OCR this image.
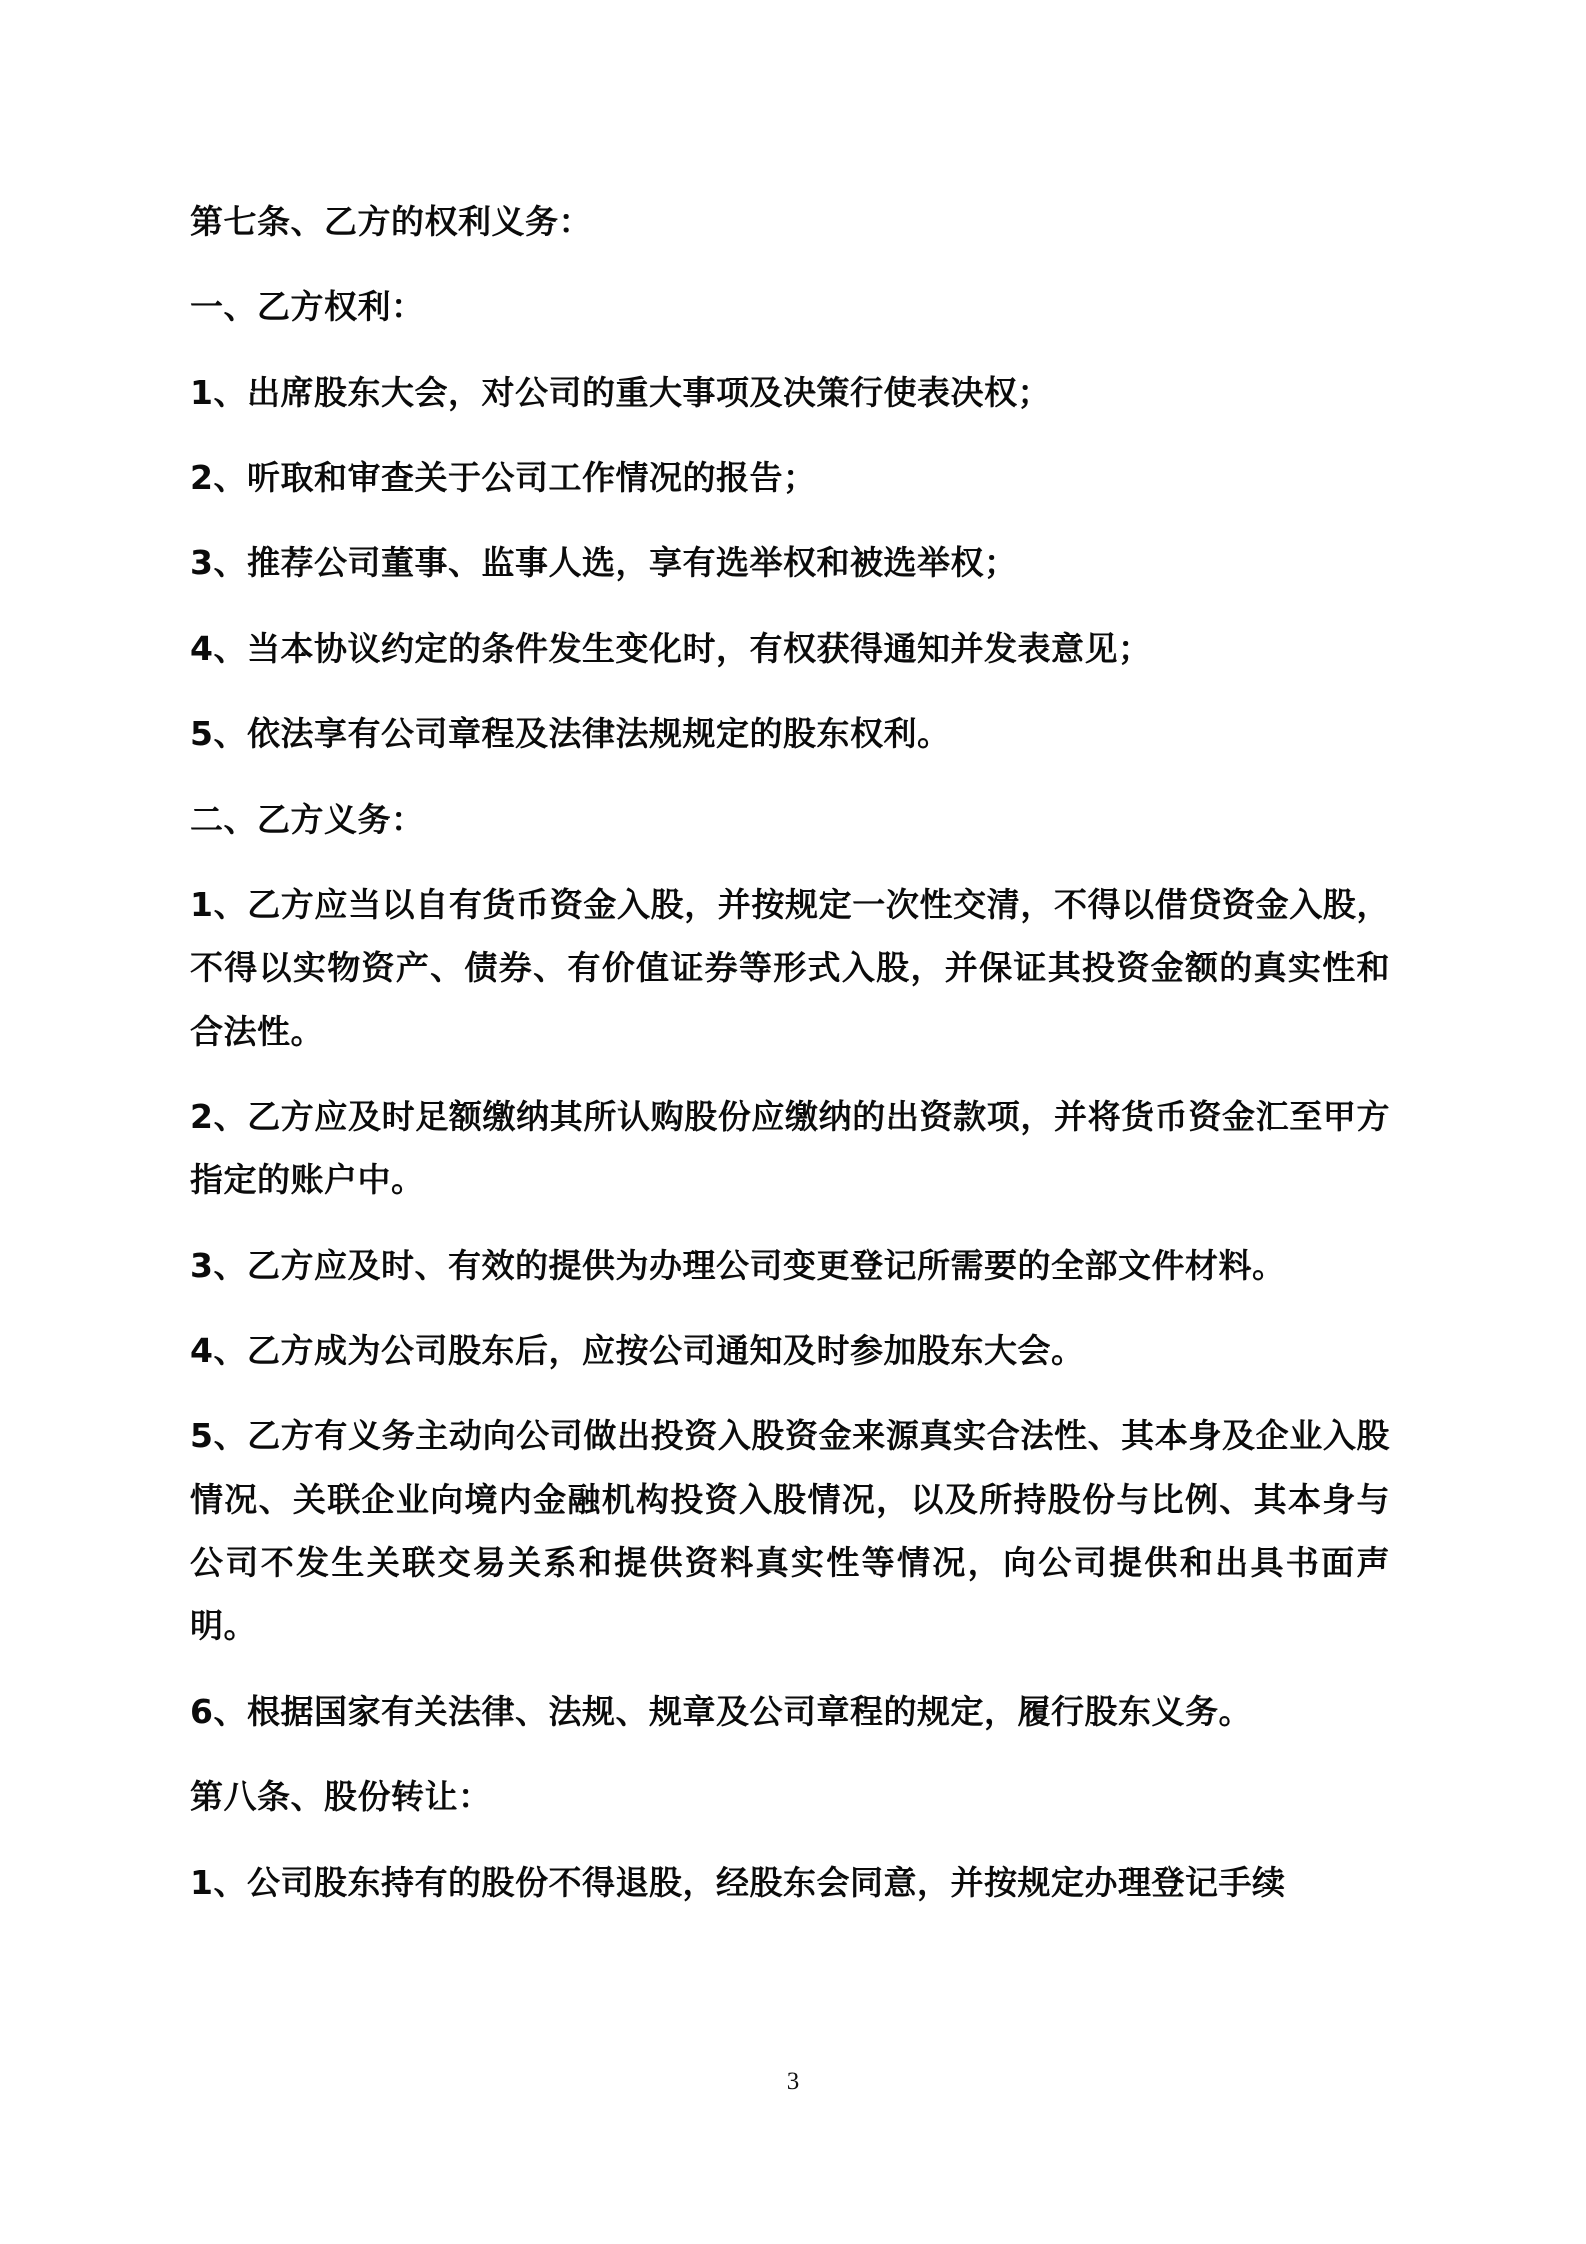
第七条、乙方的权利义务：

一、乙方权利：

1、出席股东大会，对公司的重大事项及决策行使表决权；

2、听取和审查关于公司工作情况的报告；

3、推荐公司董事、监事人选，享有选举权和被选举权；

4、当本协议约定的条件发生变化时，有权获得通知并发表意见；

5、依法享有公司章程及法律法规规定的股东权利。

二、乙方义务：

1、乙方应当以自有货币资金入股，并按规定一次性交清，不得以借贷资金入股，不得以实物资产、债券、有价值证券等形式入股，并保证其投资金额的真实性和合法性。

2、乙方应及时足额缴纳其所认购股份应缴纳的出资款项，并将货币资金汇至甲方指定的账户中。

3、乙方应及时、有效的提供为办理公司变更登记所需要的全部文件材料。

4、乙方成为公司股东后，应按公司通知及时参加股东大会。

5、乙方有义务主动向公司做出投资入股资金来源真实合法性、其本身及企业入股情况、关联企业向境内金融机构投资入股情况，以及所持股份与比例、其本身与公司不发生关联交易关系和提供资料真实性等情况，向公司提供和出具书面声明。

6、根据国家有关法律、法规、规章及公司章程的规定，履行股东义务。

第八条、股份转让：

1、公司股东持有的股份不得退股，经股东会同意，并按规定办理登记手续

3
